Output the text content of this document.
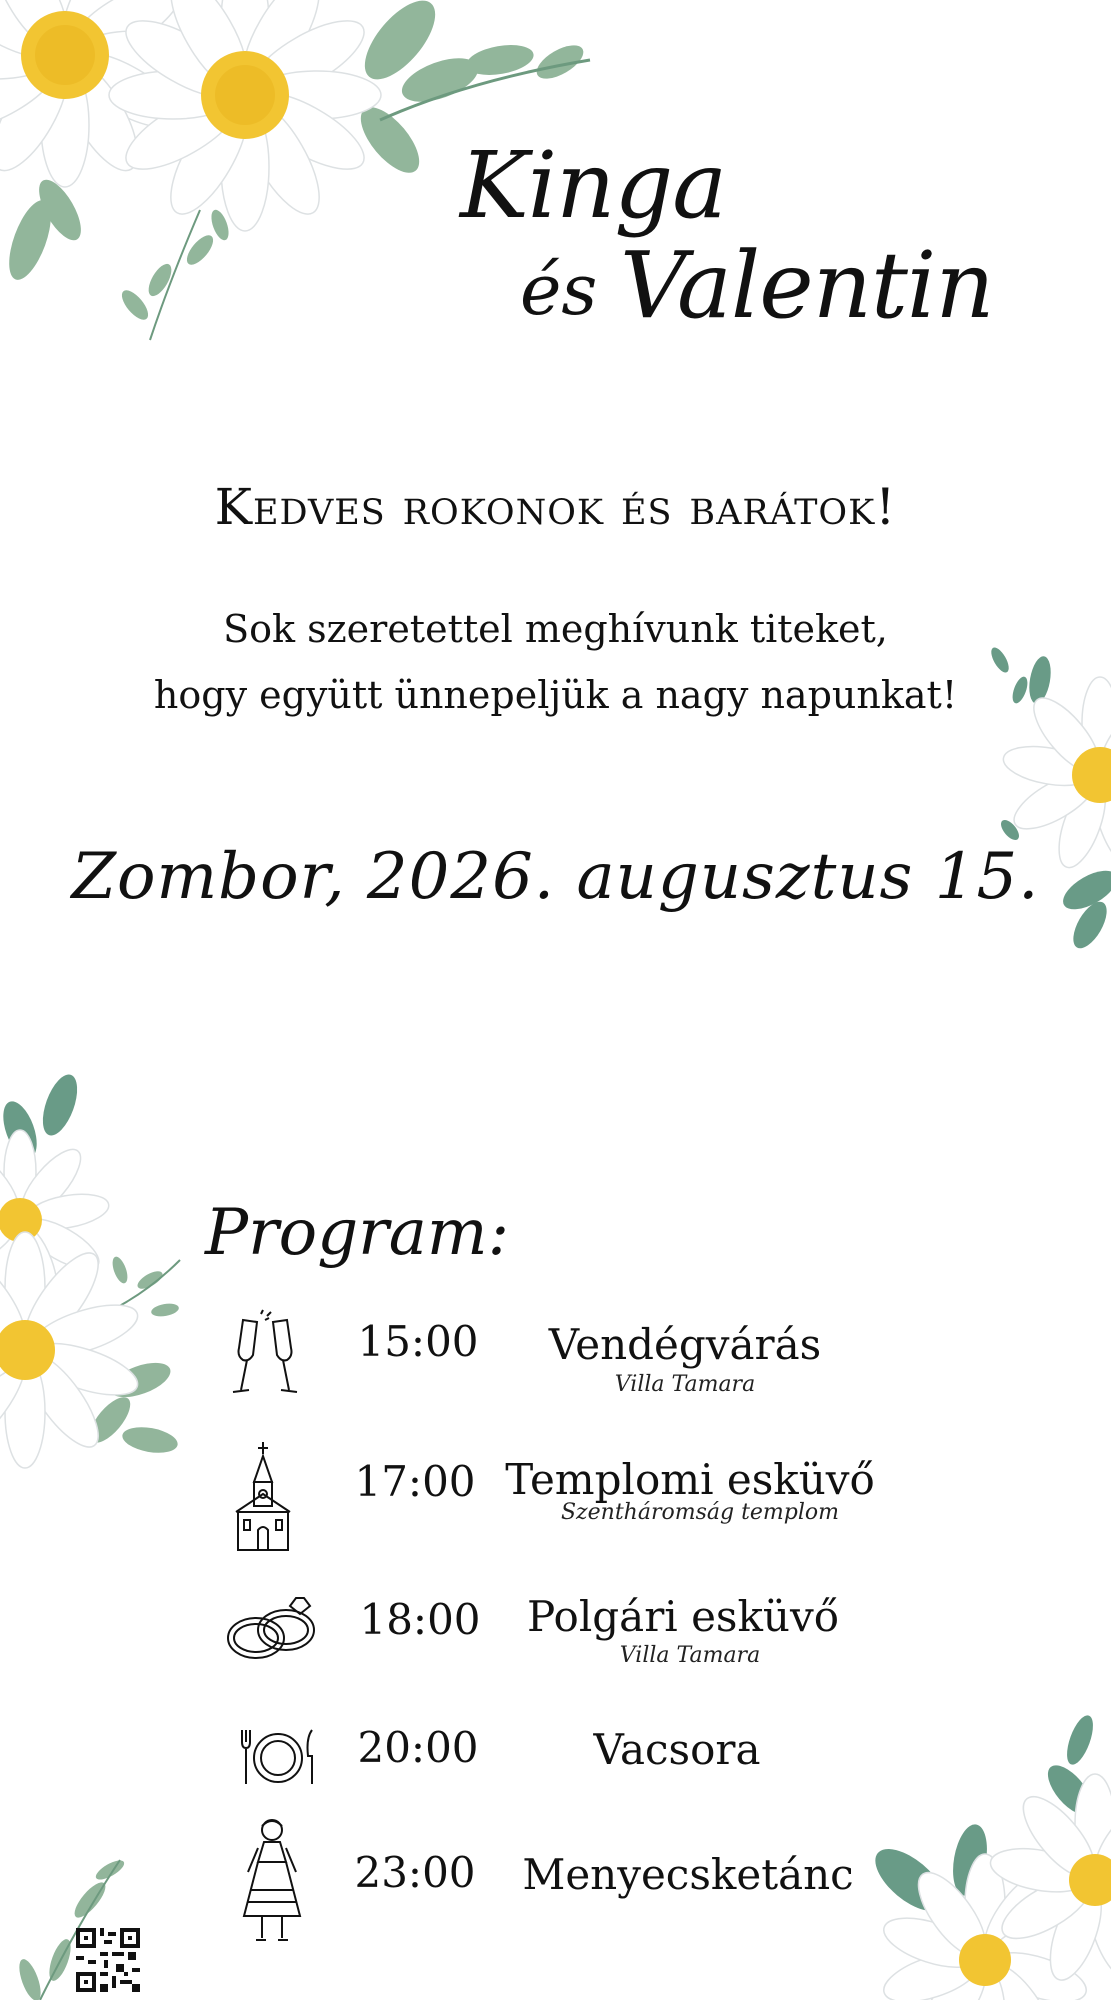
Kinga
és Valentin
Kedves rokonok és barátok!
Sok szeretettel meghívunk titeket,
hogy együtt ünnepeljük a nagy napunkat!
Zombor, 2026. augusztus 15.
Program:
15:00	Vendégvárás
Villa Tamara
17:00 Templomi esküvő
Szentháromság templom
18:00	Polgári esküvő
Villa Tamara
20:00	Vacsora
23:00	Menyecsketánc
